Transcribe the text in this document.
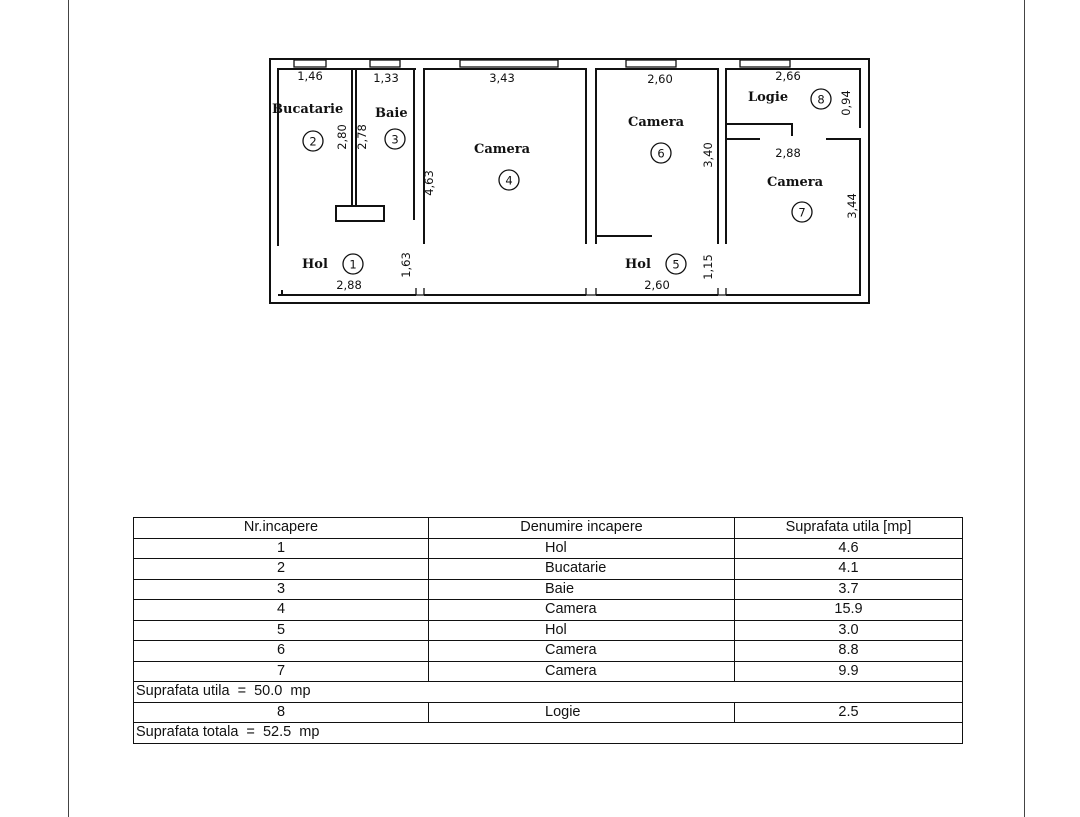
Bucatarie Baie
Camera
Camera
Logie
Camera
Hol	Hol
2	3
4
6
8
7
1	5
1,46	1,33	3,43	2,60	2,66
2,88
2,88	2,60
2,80 2,78
4,63
3,40
0,94
3,44
1,63	1,15
Nr.incapere	Denumire incapere	Suprafata utila [mp]
1	Hol	4.6
2	Bucatarie	4.1
3	Baie	3.7
4	Camera	15.9
5	Hol	3.0
6	Camera	8.8
7	Camera	9.9
Suprafata utila  =  50.0  mp		
8	Logie	2.5
Suprafata totala  =  52.5  mp		
